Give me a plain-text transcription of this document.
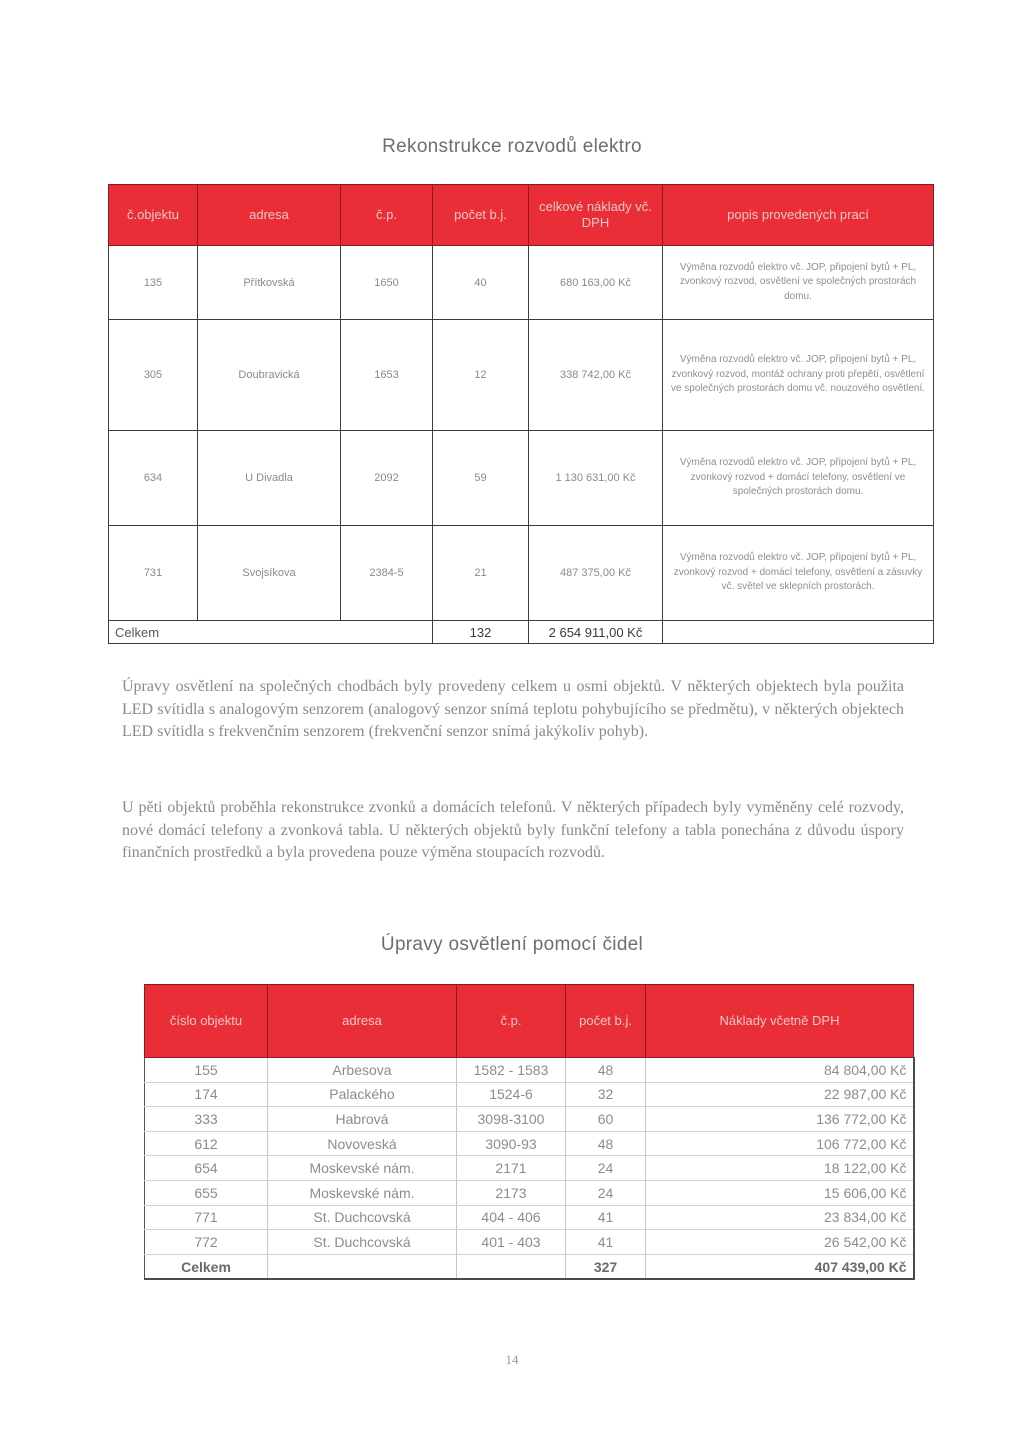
Rekonstrukce rozvodů elektro
č.objektu	adresa	č.p.	počet b.j.	celkové náklady vč. DPH	popis provedených prací
135	Přítkovská	1650	40	680 163,00 Kč	Výměna rozvodů elektro vč. JOP, připojení bytů + PL, zvonkový rozvod, osvětlení ve společných prostorách domu.
305	Doubravická	1653	12	338 742,00 Kč	Výměna rozvodů elektro vč. JOP, připojení bytů + PL, zvonkový rozvod, montáž ochrany proti přepětí, osvětlení ve společných prostorách domu vč. nouzového osvětlení.
634	U Divadla	2092	59	1 130 631,00 Kč	Výměna rozvodů elektro vč. JOP, připojení bytů + PL, zvonkový rozvod + domácí telefony, osvětlení ve společných prostorách domu.
731	Svojsíkova	2384-5	21	487 375,00 Kč	Výměna rozvodů elektro vč. JOP, připojení bytů + PL, zvonkový rozvod + domácí telefony, osvětlení a zásuvky vč. světel ve sklepních prostorách.
Celkem			132	2 654 911,00 Kč	
Úpravy osvětlení na společných chodbách byly provedeny celkem u osmi objektů. V některých objektech byla použita LED svítidla s analogovým senzorem (analogový senzor snímá teplotu pohybujícího se předmětu), v některých objektech LED svítidla s frekvenčním senzorem (frekvenční senzor snímá jakýkoliv pohyb).
U pěti objektů proběhla rekonstrukce zvonků a domácích telefonů. V některých případech byly vyměněny celé rozvody, nové domácí telefony a zvonková tabla. U některých objektů byly funkční telefony a tabla ponechána z důvodu úspory finančních prostředků a byla provedena pouze výměna stoupacích rozvodů.
Úpravy osvětlení pomocí čidel
číslo objektu	adresa	č.p.	počet b.j.	Náklady včetně DPH
155	Arbesova	1582 - 1583	48	84 804,00 Kč
174	Palackého	1524-6	32	22 987,00 Kč
333	Habrová	3098-3100	60	136 772,00 Kč
612	Novoveská	3090-93	48	106 772,00 Kč
654	Moskevské nám.	2171	24	18 122,00 Kč
655	Moskevské nám.	2173	24	15 606,00 Kč
771	St. Duchcovská	404 - 406	41	23 834,00 Kč
772	St. Duchcovská	401 - 403	41	26 542,00 Kč
Celkem			327	407 439,00 Kč
14
